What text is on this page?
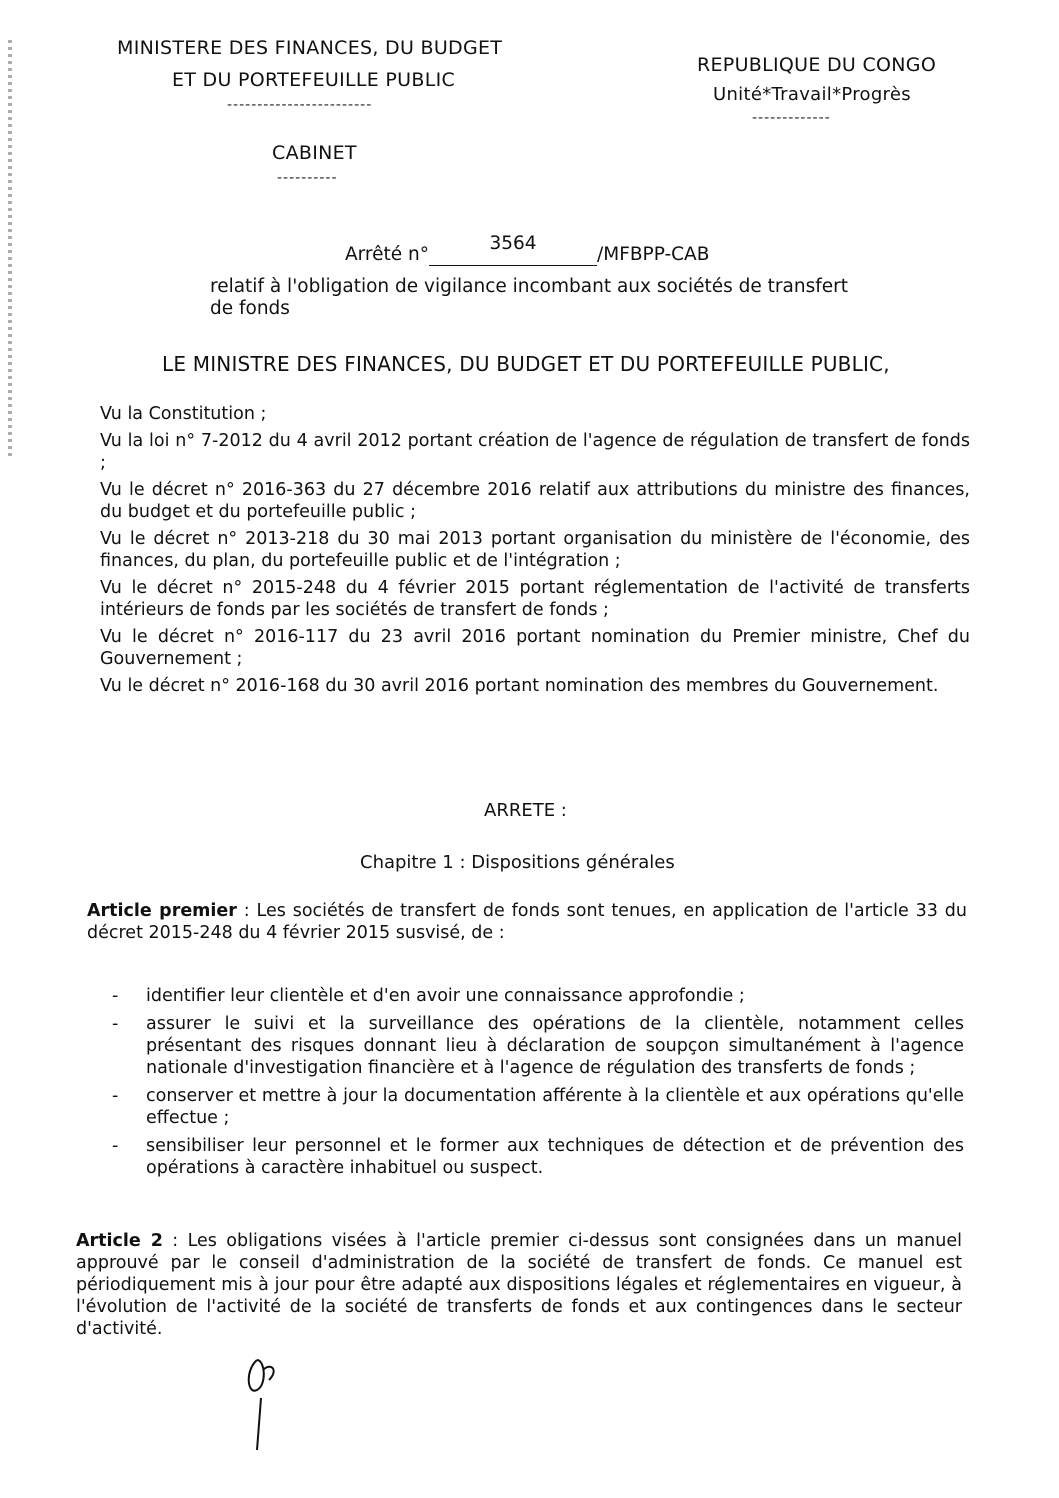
MINISTERE DES FINANCES, DU BUDGET
ET DU PORTEFEUILLE PUBLIC
------------------------
CABINET
----------
REPUBLIQUE DU CONGO
Unité*Travail*Progrès
-------------
Arrêté n°3564/MFBPP-CAB
relatif à l'obligation de vigilance incombant aux sociétés de transfert
de fonds
LE MINISTRE DES FINANCES, DU BUDGET ET DU PORTEFEUILLE PUBLIC,
Vu la Constitution ;
Vu la loi n° 7-2012 du 4 avril 2012 portant création de l'agence de régulation de transfert de fonds ;
Vu le décret n° 2016-363 du 27 décembre 2016 relatif aux attributions du ministre des finances, du budget et du portefeuille public ;
Vu le décret n° 2013-218 du 30 mai 2013 portant organisation du ministère de l'économie, des finances, du plan, du portefeuille public et de l'intégration ;
Vu le décret n° 2015-248 du 4 février 2015 portant réglementation de l'activité de transferts intérieurs de fonds par les sociétés de transfert de fonds ;
Vu le décret n° 2016-117 du 23 avril 2016 portant nomination du Premier ministre, Chef du Gouvernement ;
Vu le décret n° 2016-168 du 30 avril 2016 portant nomination des membres du Gouvernement.
ARRETE :
Chapitre 1 : Dispositions générales
Article premier : Les sociétés de transfert de fonds sont tenues, en application de l'article 33 du décret 2015-248 du 4 février 2015 susvisé, de :
- identifier leur clientèle et d'en avoir une connaissance approfondie ;
- assurer le suivi et la surveillance des opérations de la clientèle, notamment celles présentant des risques donnant lieu à déclaration de soupçon simultanément à l'agence nationale d'investigation financière et à l'agence de régulation des transferts de fonds ;
- conserver et mettre à jour la documentation afférente à la clientèle et aux opérations qu'elle effectue ;
- sensibiliser leur personnel et le former aux techniques de détection et de prévention des opérations à caractère inhabituel ou suspect.
Article 2 : Les obligations visées à l'article premier ci-dessus sont consignées dans un manuel approuvé par le conseil d'administration de la société de transfert de fonds. Ce manuel est périodiquement mis à jour pour être adapté aux dispositions légales et réglementaires en vigueur, à l'évolution de l'activité de la société de transferts de fonds et aux contingences dans le secteur d'activité.
